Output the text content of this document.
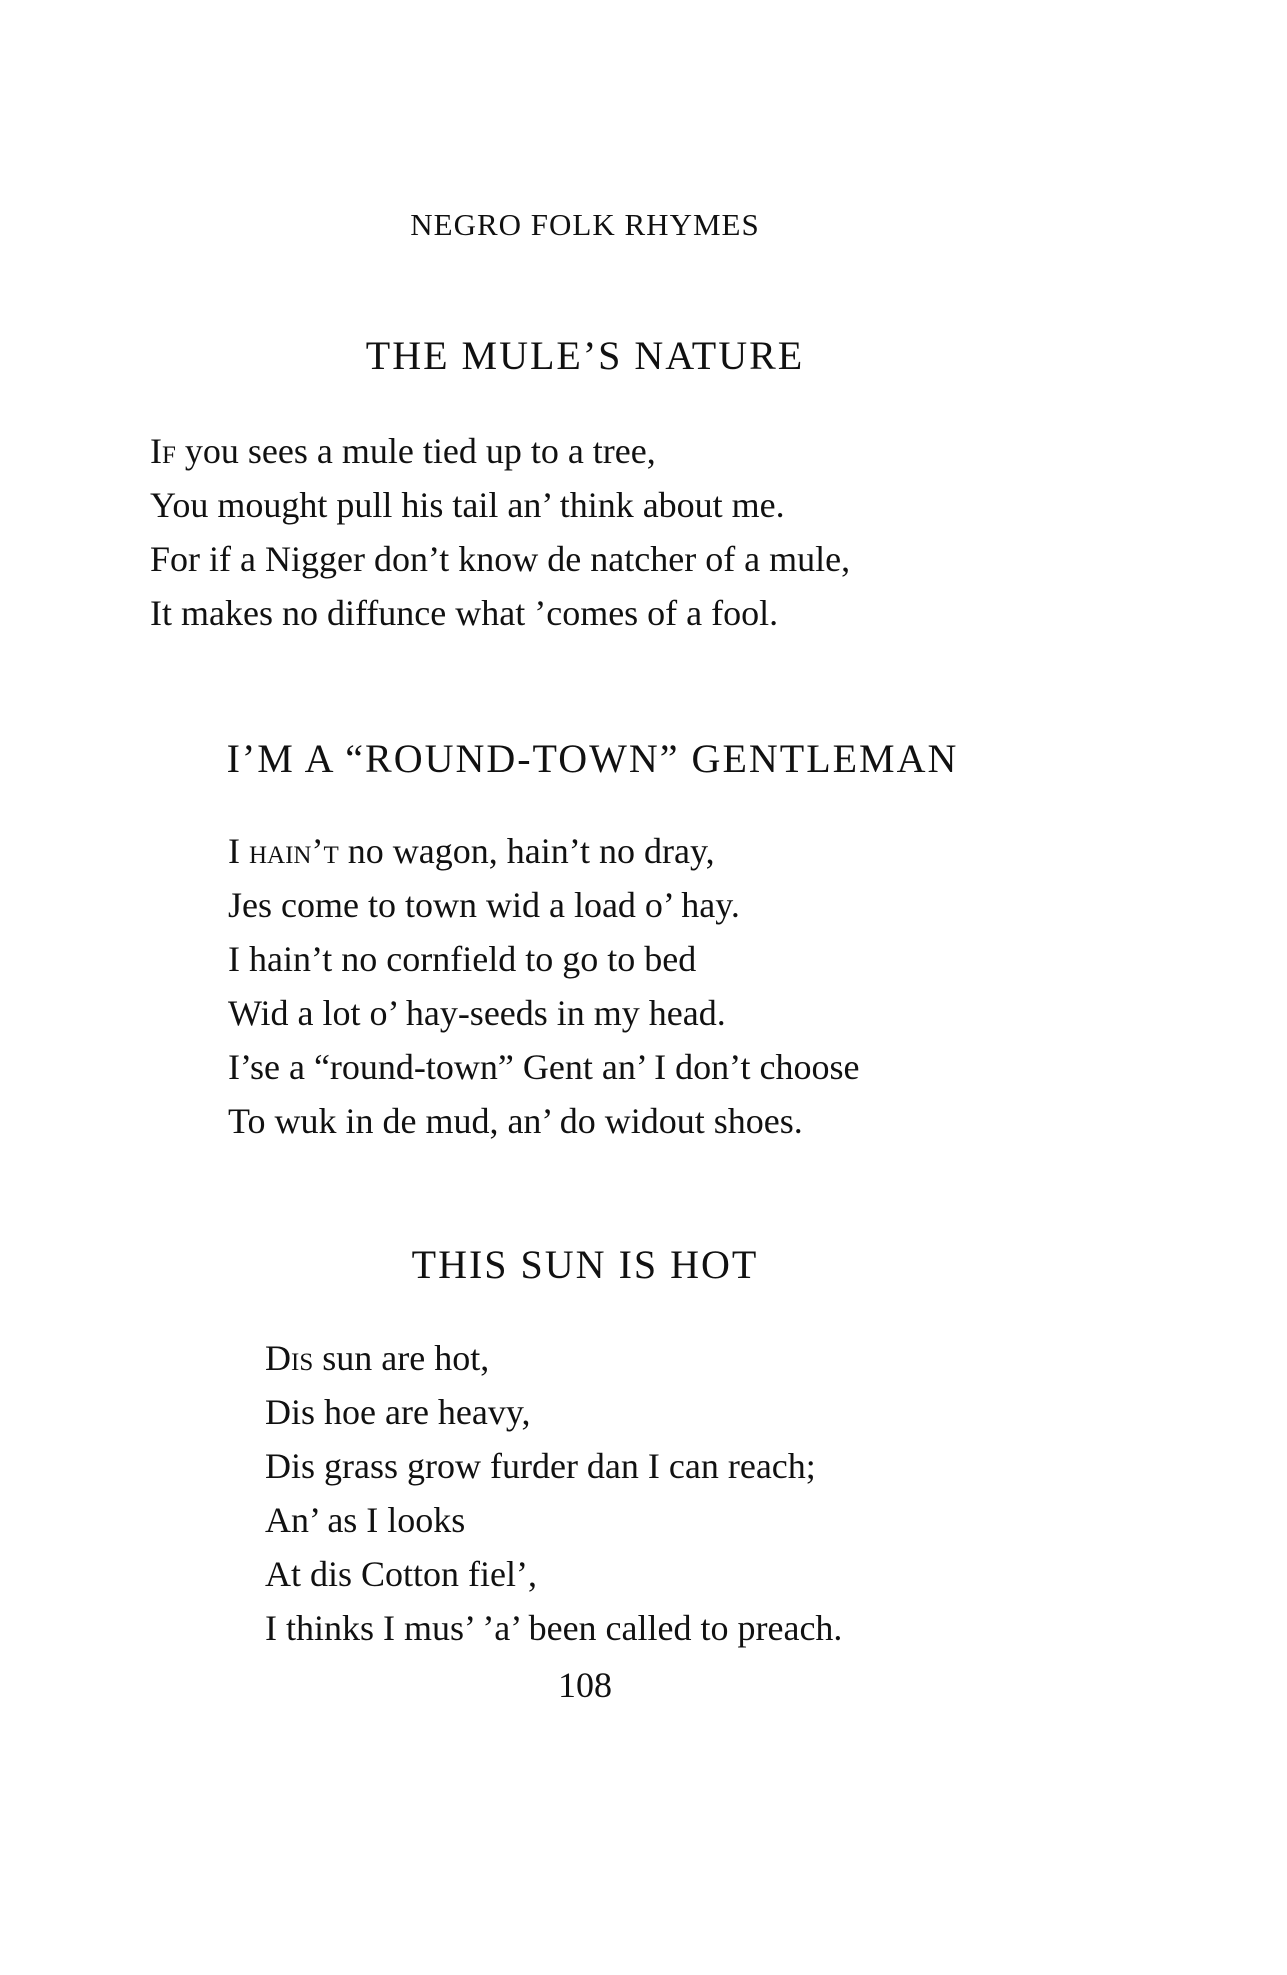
NEGRO FOLK RHYMES
THE MULE’S NATURE
If you sees a mule tied up to a tree,
You mought pull his tail an’ think about me.
For if a Nigger don’t know de natcher of a mule,
It makes no diffunce what ’comes of a fool.
I’M A “ROUND-TOWN” GENTLEMAN
I hain’t no wagon, hain’t no dray,
Jes come to town wid a load o’ hay.
I hain’t no cornfield to go to bed
Wid a lot o’ hay-seeds in my head.
I’se a “round-town” Gent an’ I don’t choose
To wuk in de mud, an’ do widout shoes.
THIS SUN IS HOT
Dis sun are hot,
Dis hoe are heavy,
Dis grass grow furder dan I can reach;
An’ as I looks
At dis Cotton fiel’,
I thinks I mus’ ’a’ been called to preach.
108
